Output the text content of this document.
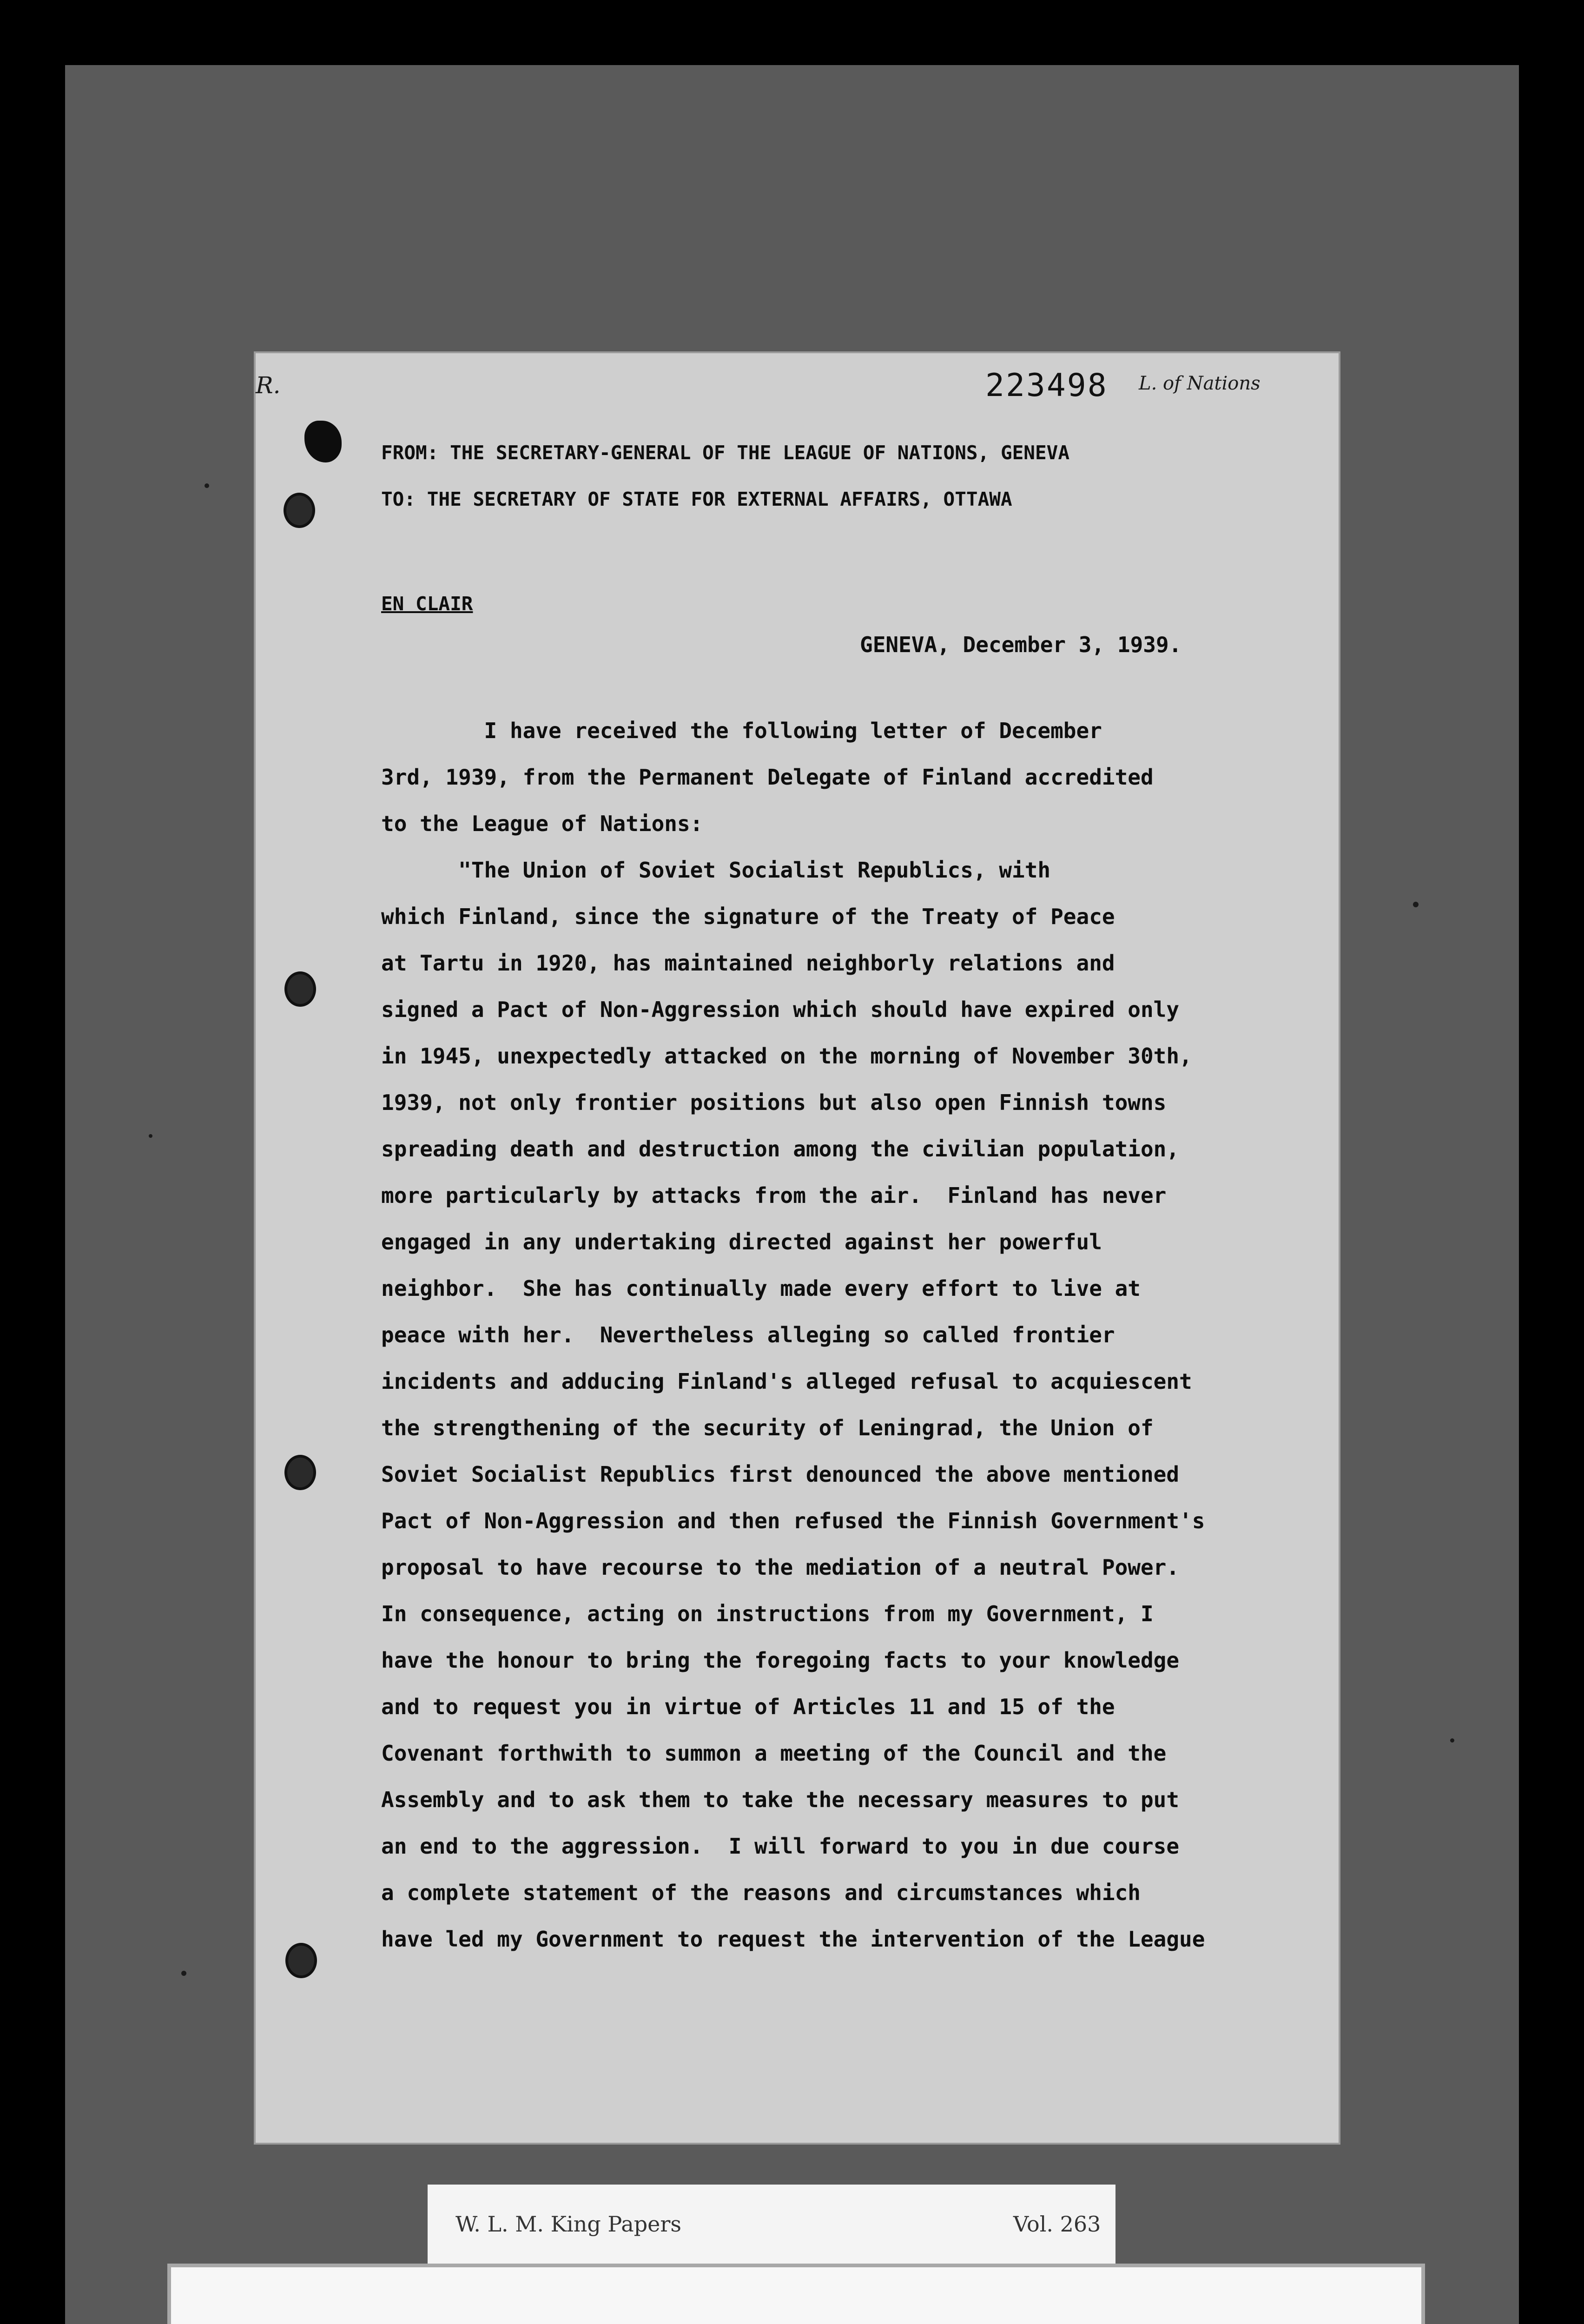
R.	223498 L. of Nations
FROM: THE SECRETARY-GENERAL OF THE LEAGUE OF NATIONS, GENEVA
TO: THE SECRETARY OF STATE FOR EXTERNAL AFFAIRS, OTTAWA
EN CLAIR
GENEVA, December 3, 1939.
I have received the following letter of December
3rd, 1939, from the Permanent Delegate of Finland accredited
to the League of Nations:
"The Union of Soviet Socialist Republics, with
which Finland, since the signature of the Treaty of Peace
at Tartu in 1920, has maintained neighborly relations and
signed a Pact of Non-Aggression which should have expired only
in 1945, unexpectedly attacked on the morning of November 30th,
1939, not only frontier positions but also open Finnish towns
spreading death and destruction among the civilian population,
more particularly by attacks from the air.  Finland has never
engaged in any undertaking directed against her powerful
neighbor.  She has continually made every effort to live at
peace with her.  Nevertheless alleging so called frontier
incidents and adducing Finland's alleged refusal to acquiescent
the strengthening of the security of Leningrad, the Union of
Soviet Socialist Republics first denounced the above mentioned
Pact of Non-Aggression and then refused the Finnish Government's
proposal to have recourse to the mediation of a neutral Power.
In consequence, acting on instructions from my Government, I
have the honour to bring the foregoing facts to your knowledge
and to request you in virtue of Articles 11 and 15 of the
Covenant forthwith to summon a meeting of the Council and the
Assembly and to ask them to take the necessary measures to put
an end to the aggression.  I will forward to you in due course
a complete statement of the reasons and circumstances which
have led my Government to request the intervention of the League
W. L. M. King Papers	Vol. 263
